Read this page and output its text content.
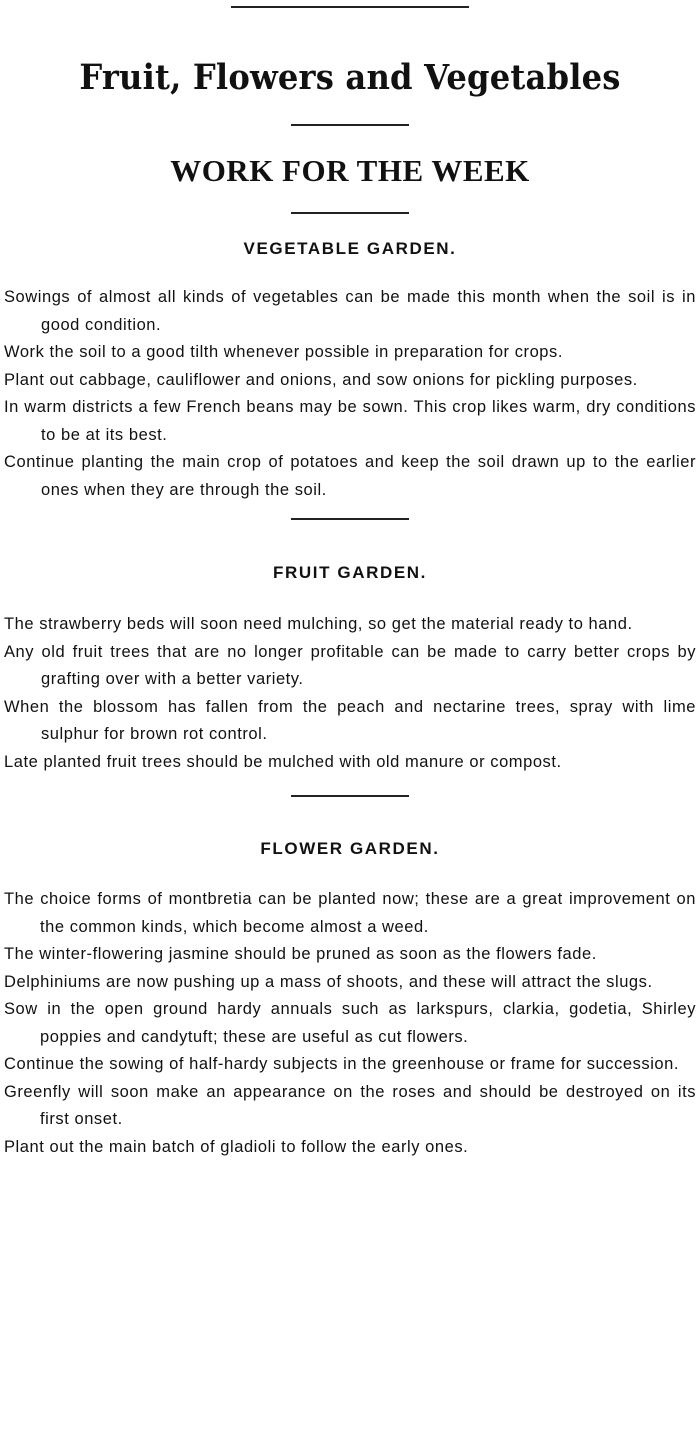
Fruit, Flowers and Vegetables
WORK FOR THE WEEK
VEGETABLE GARDEN.
Sowings of almost all kinds of vegetables can be made this month when the soil is in good condition.
Work the soil to a good tilth whenever possible in preparation for crops.
Plant out cabbage, cauliflower and onions, and sow onions for pickling purposes.
In warm districts a few French beans may be sown. This crop likes warm, dry conditions to be at its best.
Continue planting the main crop of potatoes and keep the soil drawn up to the earlier ones when they are through the soil.
FRUIT GARDEN.
The strawberry beds will soon need mulching, so get the material ready to hand.
Any old fruit trees that are no longer profitable can be made to carry better crops by grafting over with a better variety.
When the blossom has fallen from the peach and nectarine trees, spray with lime sulphur for brown rot control.
Late planted fruit trees should be mulched with old manure or compost.
FLOWER GARDEN.
The choice forms of montbretia can be planted now; these are a great improvement on the common kinds, which become almost a weed.
The winter-flowering jasmine should be pruned as soon as the flowers fade.
Delphiniums are now pushing up a mass of shoots, and these will attract the slugs.
Sow in the open ground hardy annuals such as larkspurs, clarkia, godetia, Shirley poppies and candytuft; these are useful as cut flowers.
Continue the sowing of half-hardy subjects in the greenhouse or frame for succession.
Greenfly will soon make an appearance on the roses and should be destroyed on its first onset.
Plant out the main batch of gladioli to follow the early ones.
